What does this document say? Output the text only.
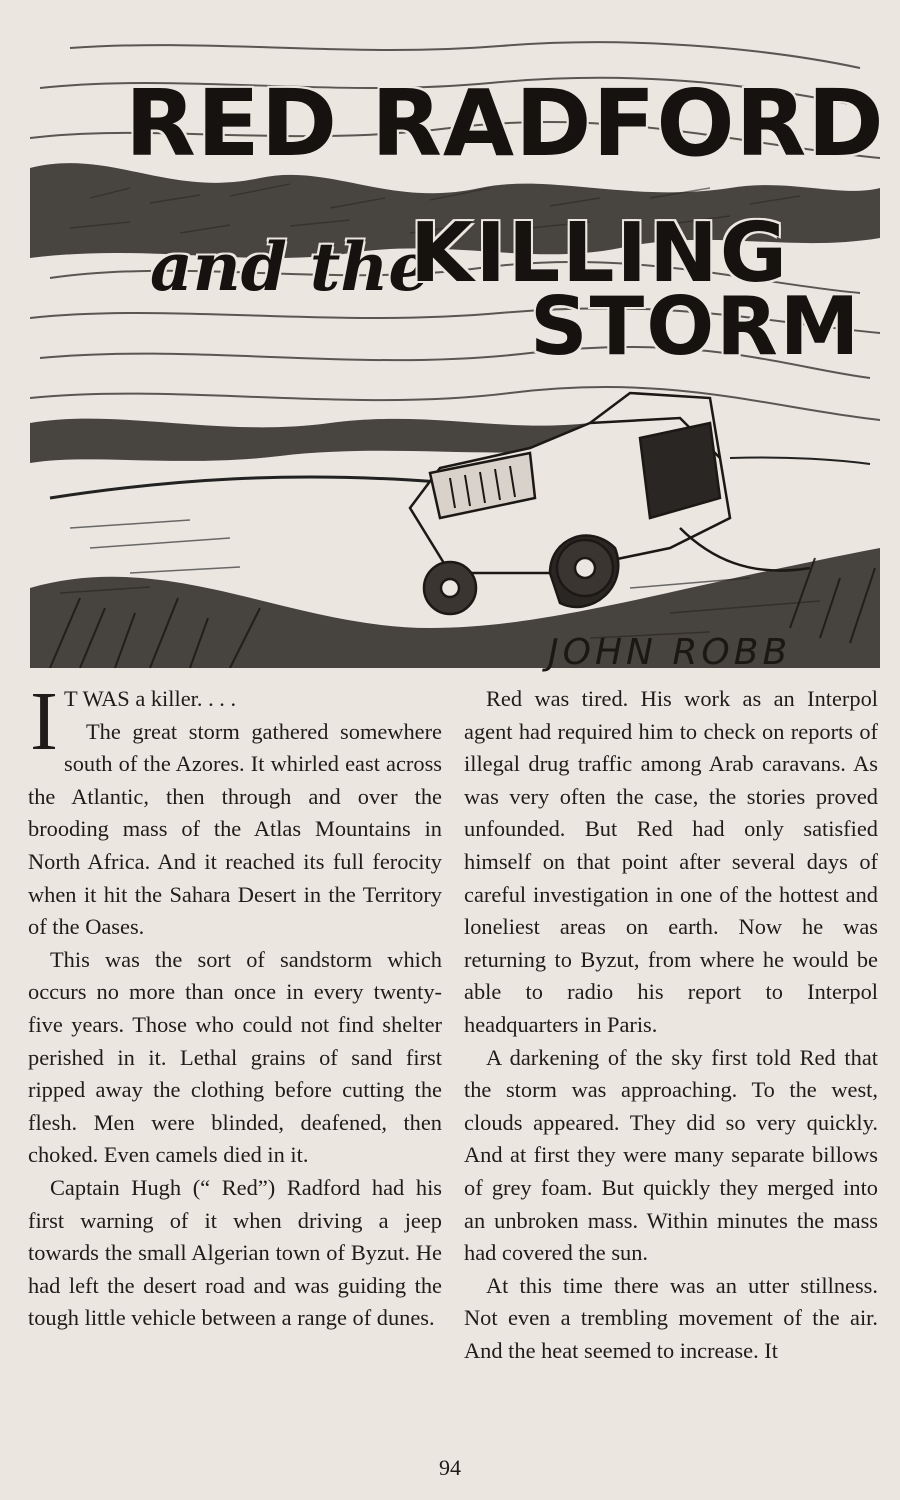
RED RADFORD
and the
KILLING
STORM
JOHN ROBB

I T WAS a killer. . . .

The great storm gathered somewhere south of the Azores. It whirled east across the Atlantic, then through and over the brooding mass of the Atlas Mountains in North Africa. And it reached its full ferocity when it hit the Sahara Desert in the Territory of the Oases.

This was the sort of sandstorm which occurs no more than once in every twenty-five years. Those who could not find shelter perished in it. Lethal grains of sand first ripped away the clothing before cutting the flesh. Men were blinded, deafened, then choked. Even camels died in it.

Captain Hugh (“ Red”) Radford had his first warning of it when driving a jeep towards the small Algerian town of Byzut. He had left the desert road and was guiding the tough little vehicle between a range of dunes.

Red was tired. His work as an Interpol agent had required him to check on reports of illegal drug traffic among Arab caravans. As was very often the case, the stories proved unfounded. But Red had only satisfied himself on that point after several days of careful investigation in one of the hottest and loneliest areas on earth. Now he was returning to Byzut, from where he would be able to radio his report to Interpol headquarters in Paris.

A darkening of the sky first told Red that the storm was approaching. To the west, clouds appeared. They did so very quickly. And at first they were many separate billows of grey foam. But quickly they merged into an unbroken mass. Within minutes the mass had covered the sun.

At this time there was an utter stillness. Not even a trembling movement of the air. And the heat seemed to increase. It

94
